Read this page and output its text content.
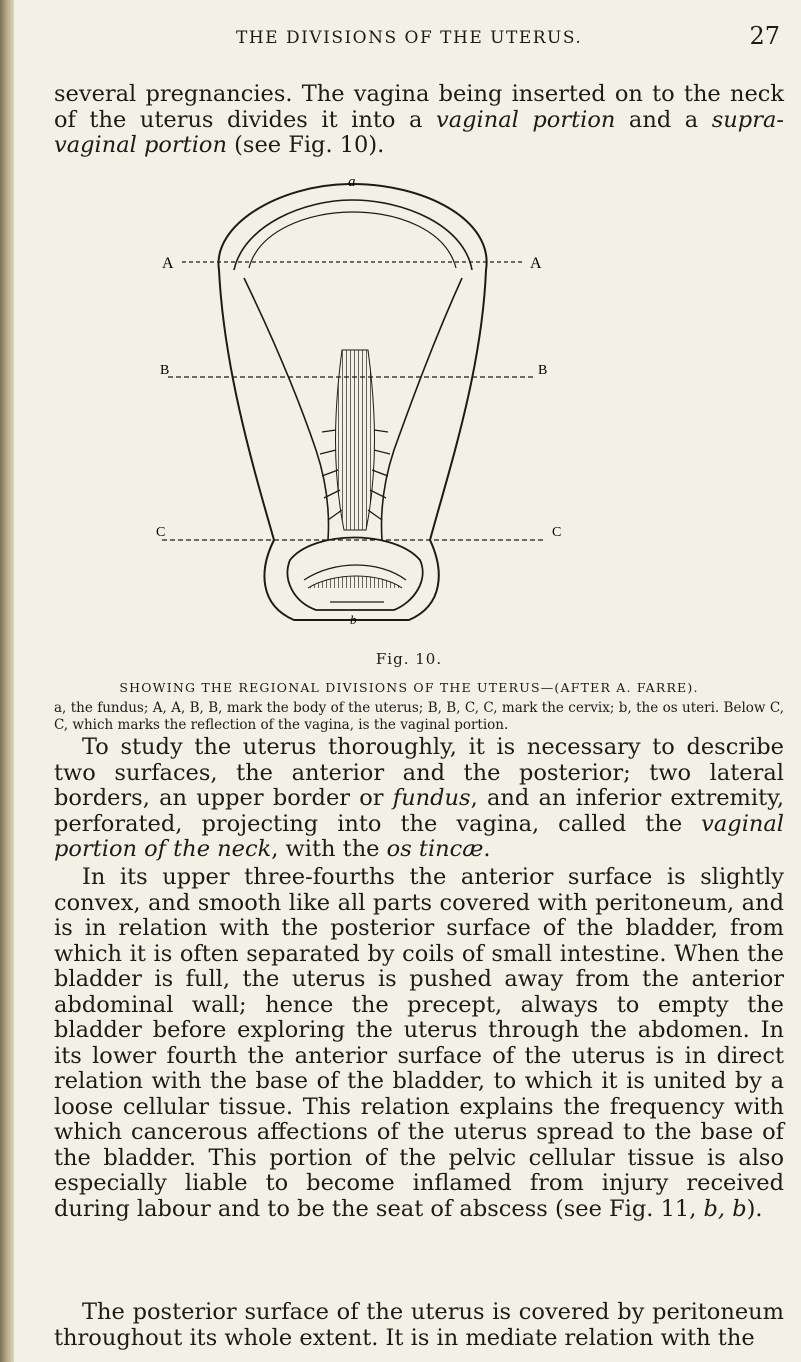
THE DIVISIONS OF THE UTERUS.	27

several pregnancies. The vagina being inserted on to the neck of the uterus divides it into a vaginal portion and a supra-vaginal portion (see Fig. 10).

a
A	A
B	B
C	C
b
Fig. 10.
SHOWING THE REGIONAL DIVISIONS OF THE UTERUS—(AFTER A. FARRE).

a, the fundus; A, A, B, B, mark the body of the uterus; B, B, C, C, mark the cervix; b, the os uteri. Below C, C, which marks the reflection of the vagina, is the vaginal portion.

To study the uterus thoroughly, it is necessary to describe two surfaces, the anterior and the posterior; two lateral borders, an upper border or fundus, and an inferior extremity, perforated, projecting into the vagina, called the vaginal portion of the neck, with the os tincæ.

In its upper three-fourths the anterior surface is slightly convex, and smooth like all parts covered with peritoneum, and is in relation with the posterior surface of the bladder, from which it is often separated by coils of small intestine. When the bladder is full, the uterus is pushed away from the anterior abdominal wall; hence the precept, always to empty the bladder before exploring the uterus through the abdomen. In its lower fourth the anterior surface of the uterus is in direct relation with the base of the bladder, to which it is united by a loose cellular tissue. This relation explains the frequency with which cancerous affections of the uterus spread to the base of the bladder. This portion of the pelvic cellular tissue is also especially liable to become inflamed from injury received during labour and to be the seat of abscess (see Fig. 11, b, b).

The posterior surface of the uterus is covered by peritoneum throughout its whole extent. It is in mediate relation with the
